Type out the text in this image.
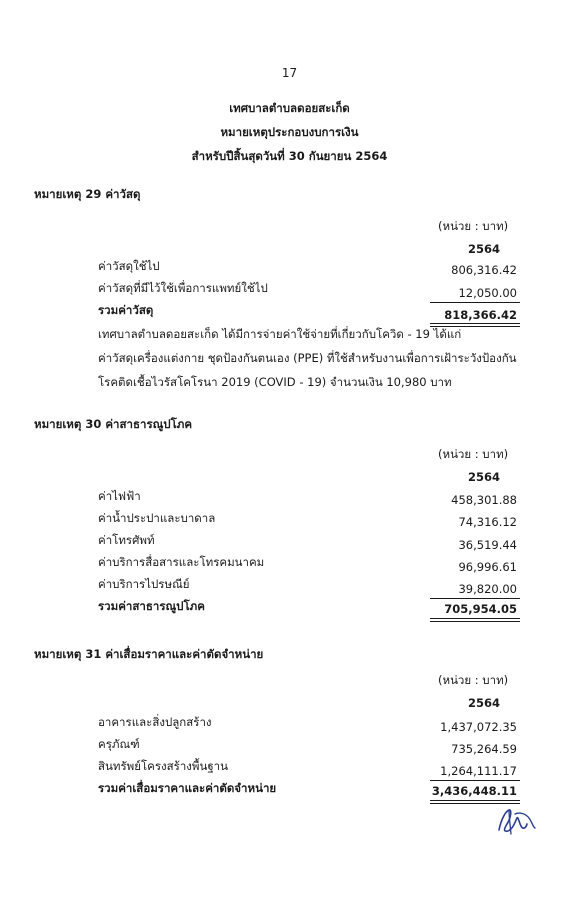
17
เทศบาลตำบลดอยสะเก็ด
หมายเหตุประกอบงบการเงิน
สำหรับปีสิ้นสุดวันที่ 30 กันยายน 2564
หมายเหตุ 29 ค่าวัสดุ
(หน่วย : บาท)
2564
ค่าวัสดุใช้ไป	806,316.42
ค่าวัสดุที่มีไว้ใช้เพื่อการแพทย์ใช้ไป	12,050.00
รวมค่าวัสดุ	818,366.42
เทศบาลตำบลดอยสะเก็ด ได้มีการจ่ายค่าใช้จ่ายที่เกี่ยวกับโควิด - 19 ได้แก่
ค่าวัสดุเครื่องแต่งกาย ชุดป้องกันตนเอง (PPE) ที่ใช้สำหรับงานเพื่อการเฝ้าระวังป้องกัน
โรคติดเชื้อไวรัสโคโรนา 2019 (COVID - 19) จำนวนเงิน 10,980 บาท
หมายเหตุ 30 ค่าสาธารณูปโภค
(หน่วย : บาท)
2564
ค่าไฟฟ้า	458,301.88
ค่าน้ำประปาและบาดาล	74,316.12
ค่าโทรศัพท์	36,519.44
ค่าบริการสื่อสารและโทรคมนาคม	96,996.61
ค่าบริการไปรษณีย์	39,820.00
รวมค่าสาธารณูปโภค	705,954.05
หมายเหตุ 31 ค่าเสื่อมราคาและค่าตัดจำหน่าย
(หน่วย : บาท)
2564
อาคารและสิ่งปลูกสร้าง	1,437,072.35
ครุภัณฑ์	735,264.59
สินทรัพย์โครงสร้างพื้นฐาน	1,264,111.17
รวมค่าเสื่อมราคาและค่าตัดจำหน่าย	3,436,448.11
